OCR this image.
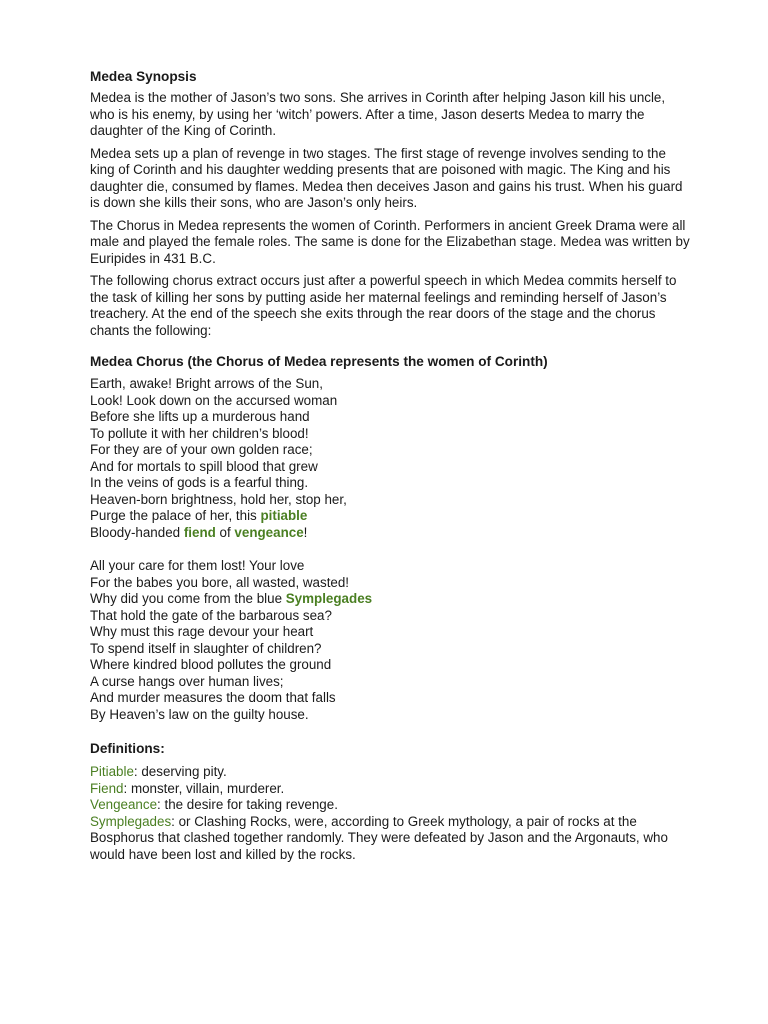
Medea Synopsis

Medea is the mother of Jason’s two sons. She arrives in Corinth after helping Jason kill his uncle, who is his enemy, by using her ‘witch’ powers. After a time, Jason deserts Medea to marry the daughter of the King of Corinth.

Medea sets up a plan of revenge in two stages. The first stage of revenge involves sending to the king of Corinth and his daughter wedding presents that are poisoned with magic. The King and his daughter die, consumed by flames. Medea then deceives Jason and gains his trust. When his guard is down she kills their sons, who are Jason’s only heirs.

The Chorus in Medea represents the women of Corinth. Performers in ancient Greek Drama were all male and played the female roles. The same is done for the Elizabethan stage. Medea was written by Euripides in 431 B.C.

The following chorus extract occurs just after a powerful speech in which Medea commits herself to the task of killing her sons by putting aside her maternal feelings and reminding herself of Jason’s treachery. At the end of the speech she exits through the rear doors of the stage and the chorus chants the following:

Medea Chorus (the Chorus of Medea represents the women of Corinth)
Earth, awake! Bright arrows of the Sun,
Look! Look down on the accursed woman
Before she lifts up a murderous hand
To pollute it with her children’s blood!
For they are of your own golden race;
And for mortals to spill blood that grew
In the veins of gods is a fearful thing.
Heaven-born brightness, hold her, stop her,
Purge the palace of her, this pitiable
Bloody-handed fiend of vengeance!
All your care for them lost! Your love
For the babes you bore, all wasted, wasted!
Why did you come from the blue Symplegades
That hold the gate of the barbarous sea?
Why must this rage devour your heart
To spend itself in slaughter of children?
Where kindred blood pollutes the ground
A curse hangs over human lives;
And murder measures the doom that falls
By Heaven’s law on the guilty house.
Definitions:
Pitiable: deserving pity.
Fiend: monster, villain, murderer.
Vengeance: the desire for taking revenge.
Symplegades: or Clashing Rocks, were, according to Greek mythology, a pair of rocks at the Bosphorus that clashed together randomly. They were defeated by Jason and the Argonauts, who would have been lost and killed by the rocks.
